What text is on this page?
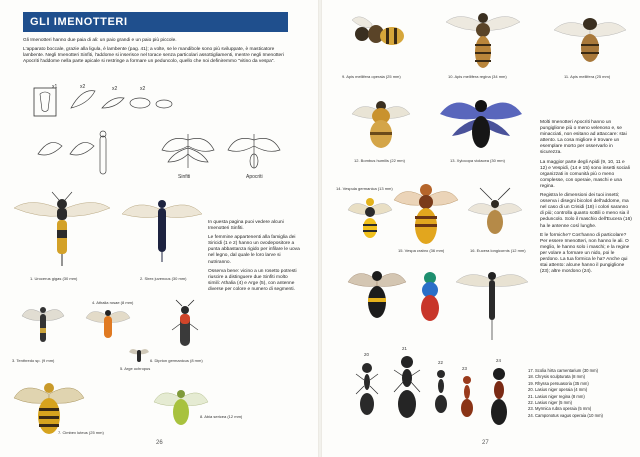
GLI IMENOTTERI

Gli Imenotteri hanno due paia di ali: un paio grandi e un paio più piccole.

L'apparato boccale, grazie alla ligula, è lambente (pag. 41); a volte, se le mandibole sono più sviluppate, è masticatore lambente. Negli Imenotteri Sinfiti, l'addome si inserisce nel torace senza particolari assottigliamenti, mentre negli Imenotteri Apocriti l'addome nella parte apicale si restringe a formare un peduncolo, quello che noi definiremmo "vitino da vespa".

x1	x2	x2	x2
Sinfiti	Apocriti

In questa pagina puoi vedere alcuni Imenotteri Sinfiti.

Le femmine appartenenti alla famiglia dei Siricidi (1 e 2) hanno un ovodepositore a punta abbastanza rigido per infilare le uova nel legno, dal quale le loro larve si nutriranno.

Osserva bene: vicino a un rosetto potresti riuscire a distinguere due Sinfiti molto simili: Athalia (4) e Arge (5), con antenne diverse per colore e numero di segmenti.

1. Urocerus gigas (30 mm)	2. Sirex juvencus (30 mm)
4. Athalia rosae (8 mm)
3. Tenthredo sp. (9 mm)
5. Arge ochropus
6. Diprion germanicus (8 mm)
7. Cimbex luteus (25 mm)
8. Abia sericea (12 mm)
26
9. Apis mellifera operaia (25 mm)	10. Apis mellifera regina (34 mm)	11. Apis mellifera (25 mm)
12. Bombus humilis (22 mm)	13. Xylocopa violacea (30 mm)

Molti Imenotteri Apocriti hanno un pungiglione più o meno velenoso e, se minacciati, non esitano ad attaccare: stai attento. La cosa migliore è trovare un esemplare morto per osservarlo in sicurezza.

La maggior parte degli Apidi (9, 10, 11 e 12) e Vespidi, (14 e 15) sono insetti sociali organizzati in comunità più o meno complesse, con operaie, maschi e una regina.

Registra le dimensioni dei tuoi insetti; osserva i disegni bicolori dell'addome, ma nel caso di un Crisidi (18) i colori saranno di più; controlla quanto sottili o meno sia il peduncolo. Solo il maschio dell'Eucera (16) ha le antenne così lunghe.

E le formiche? Cos'hanno di particolare? Per essere Imenotteri, non hanno le ali. O meglio, le hanno solo i maschi; e la regine per volare a formare un nido, poi le perdono. La tua formica le ha? Anche qui stai attento: alcune hanno il pungiglione (23); altre mordono (24).

14. Vespula germanica (13 mm)
15. Vespa crabro (36 mm)	16. Eucera longicornis (12 mm)
20
21
22
23
24
17. Scolia hirta carnentarium (30 mm)
18. Chrysis sculpturata (8 mm)
19. Rhyssa persuasoria (35 mm)
20. Lasius niger operaia (4 mm)
21. Lasius niger regina (8 mm)
22. Lasius niger (5 mm)
23. Myrmica rubra operaia (5 mm)
24. Camponotus vagus operaia (10 mm)
27
